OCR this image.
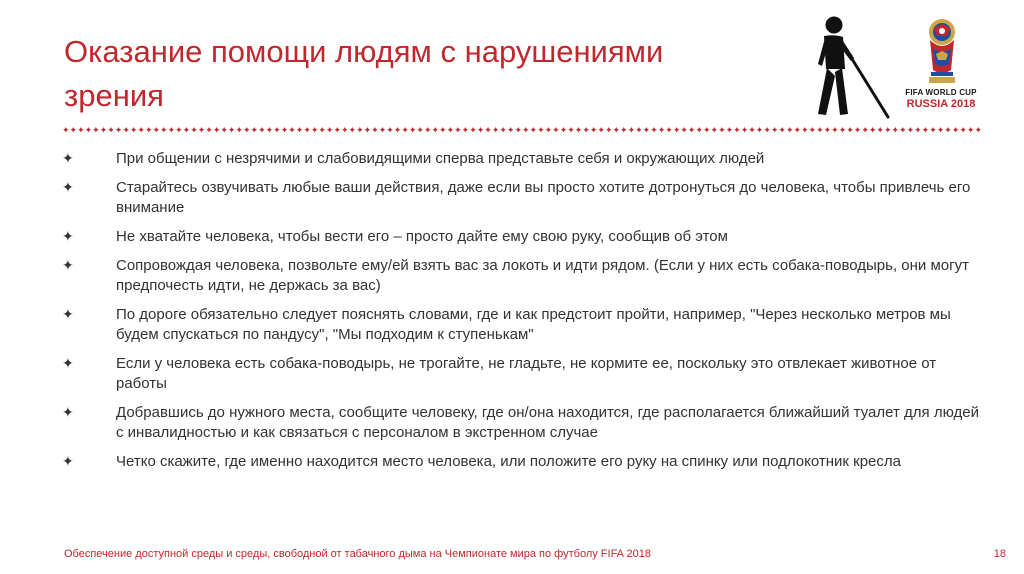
Оказание помощи людям с нарушениями зрения	FIFA WORLD CUP
RUSSIA 2018
✦✦✦✦✦✦✦✦✦✦✦✦✦✦✦✦✦✦✦✦✦✦✦✦✦✦✦✦✦✦✦✦✦✦✦✦✦✦✦✦✦✦✦✦✦✦✦✦✦✦✦✦✦✦✦✦✦✦✦✦✦✦✦✦✦✦✦✦✦✦✦✦✦✦✦✦✦✦✦✦✦✦✦✦✦✦✦✦✦✦✦✦✦✦✦✦✦✦✦✦✦✦✦✦✦✦✦✦✦✦✦✦✦✦✦✦✦✦✦✦✦✦
✦	При общении с незрячими и слабовидящими сперва представьте себя и окружающих людей
✦	Старайтесь озвучивать любые ваши действия, даже если вы просто хотите дотронуться до человека, чтобы привлечь его внимание
✦	Не хватайте человека, чтобы вести его – просто дайте ему свою руку, сообщив об этом
✦	Сопровождая человека, позвольте ему/ей взять вас за локоть и идти рядом. (Если у них есть собака-поводырь, они могут предпочесть идти, не держась за вас)
✦	По дороге обязательно следует пояснять словами, где и как предстоит пройти, например, "Через несколько метров мы будем спускаться по пандусу", "Мы подходим к ступенькам"
✦	Если у человека есть собака-поводырь, не трогайте, не гладьте, не кормите ее, поскольку это отвлекает животное от работы
✦	Добравшись до нужного места, сообщите человеку, где он/она находится, где располагается ближайший туалет для людей с инвалидностью и как связаться с персоналом в экстренном случае
✦	Четко скажите, где именно находится место человека, или положите его руку на спинку или подлокотник кресла
Обеспечение доступной среды и среды, свободной от табачного дыма на Чемпионате мира по футболу FIFA 2018	18
